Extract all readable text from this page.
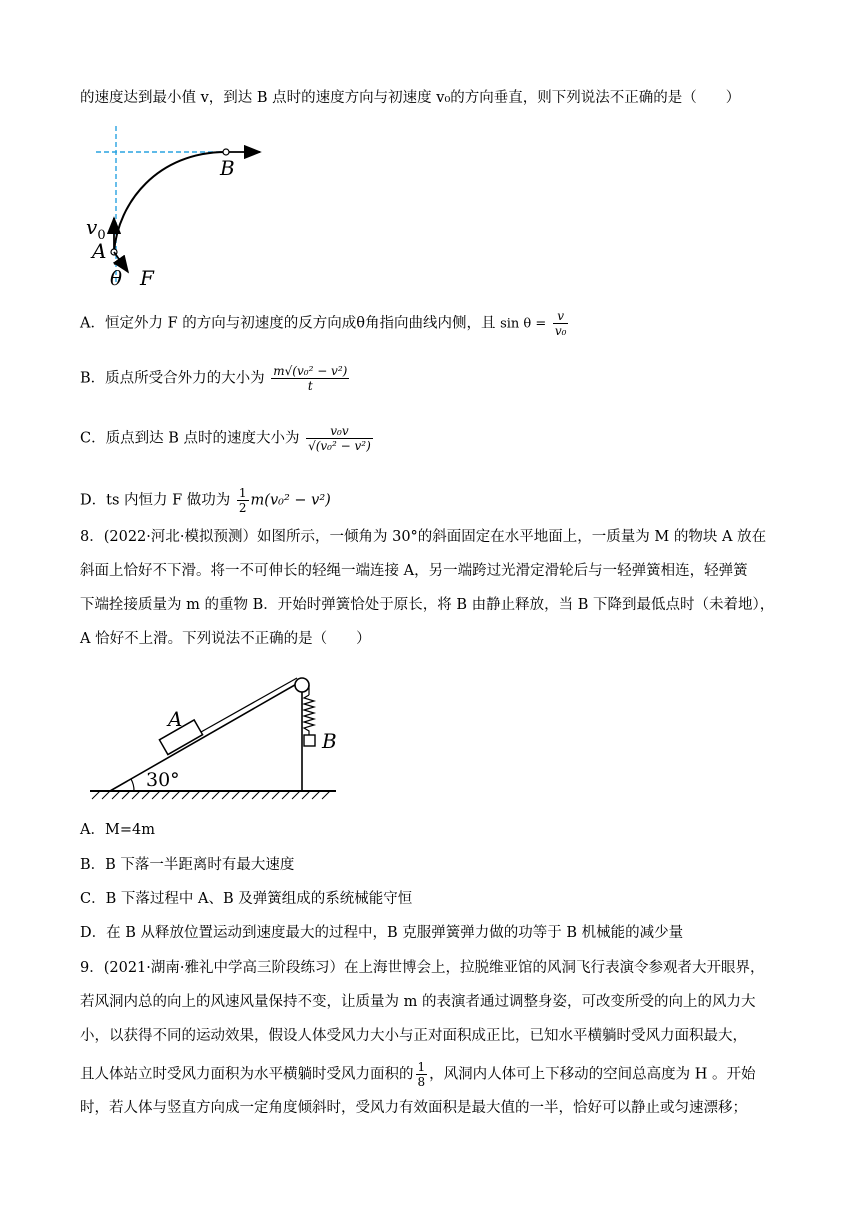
的速度达到最小值 v，到达 B 点时的速度方向与初速度 v₀的方向垂直，则下列说法不正确的是（　　）
B
$v_0$
A
θ F
A．恒定外力 F 的方向与初速度的反方向成θ角指向曲线内侧，且 $\sin \theta = \frac{v}{\text{v₀}}$
B．质点所受合外力的大小为 $\frac{\text{m√(v₀² − v²)}}{t}$
C．质点到达 B 点时的速度大小为 $\frac{\text{v₀v}}{\text{√(v₀² − v²)}}$
D．ts 内恒力 F 做功为 $\frac{1}{2} m(v_0^2 - v^2)$
8．(2022·河北·模拟预测）如图所示，一倾角为 30°的斜面固定在水平地面上，一质量为 M 的物块 A 放在
斜面上恰好不下滑。将一不可伸长的轻绳一端连接 A，另一端跨过光滑定滑轮后与一轻弹簧相连，轻弹簧
下端拴接质量为 m 的重物 B．开始时弹簧恰处于原长，将 B 由静止释放，当 B 下降到最低点时（未着地），
A 恰好不上滑。下列说法不正确的是（　　）
A
B
30°
A．M=4m
B．B 下落一半距离时有最大速度
C．B 下落过程中 A、B 及弹簧组成的系统械能守恒
D．在 B 从释放位置运动到速度最大的过程中，B 克服弹簧弹力做的功等于 B 机械能的减少量
9．(2021·湖南·雅礼中学高三阶段练习）在上海世博会上，拉脱维亚馆的风洞飞行表演令参观者大开眼界，
若风洞内总的向上的风速风量保持不变，让质量为 m 的表演者通过调整身姿，可改变所受的向上的风力大
小，以获得不同的运动效果，假设人体受风力大小与正对面积成正比，已知水平横躺时受风力面积最大，
且人体站立时受风力面积为水平横躺时受风力面积的 $\frac{1}{8}$ ，风洞内人体可上下移动的空间总高度为 H 。开始
时，若人体与竖直方向成一定角度倾斜时，受风力有效面积是最大值的一半，恰好可以静止或匀速漂移；
